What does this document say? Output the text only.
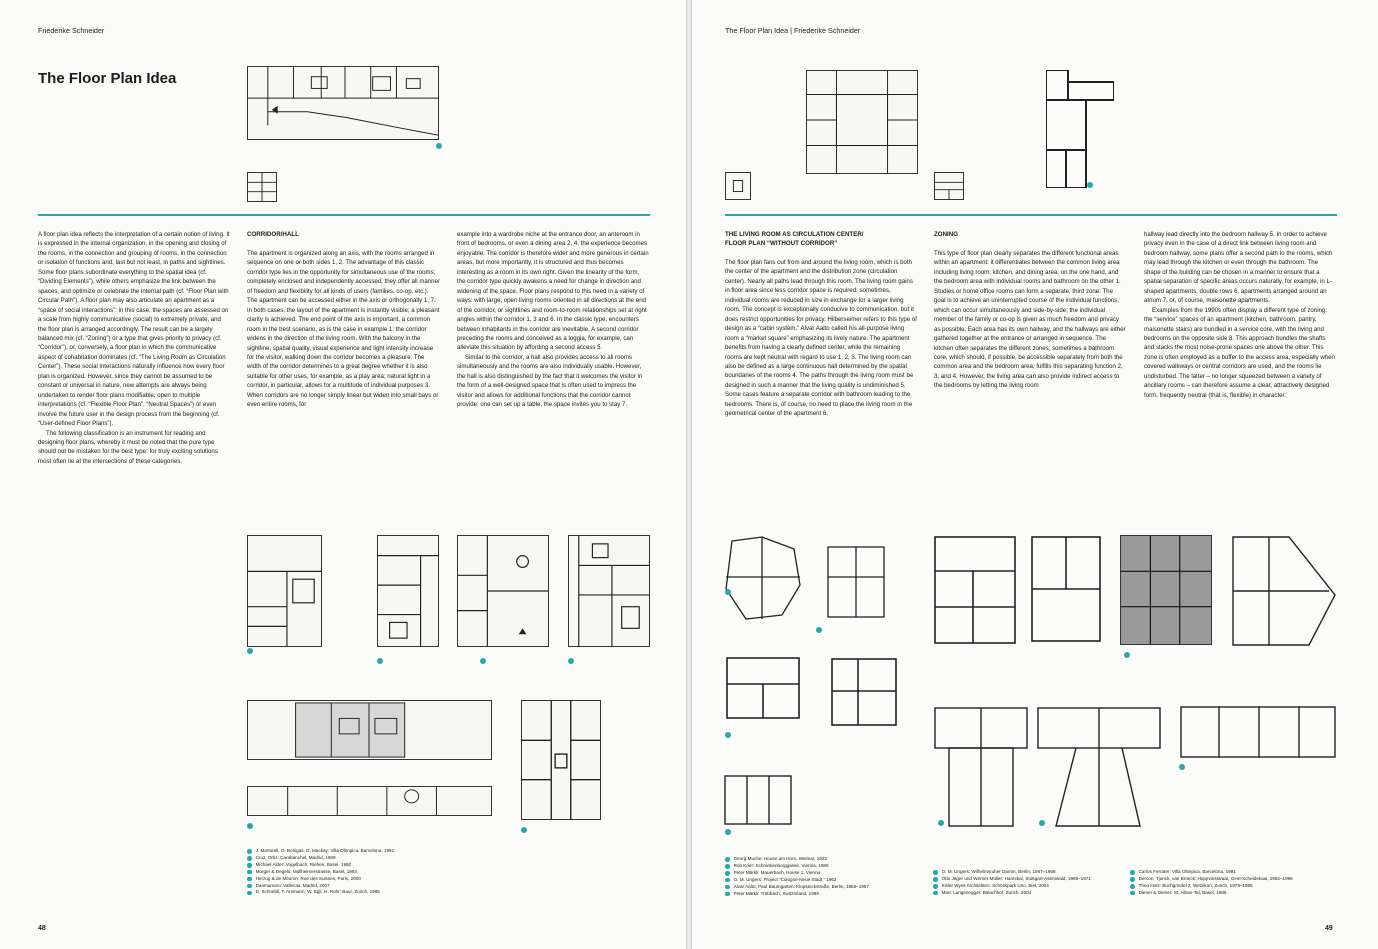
Friederike Schneider
The Floor Plan Idea

A floor plan idea reflects the interpretation of a certain notion of living. It is expressed in the internal organization, in the opening and closing of the rooms, in the connection and grouping of rooms, in the connection or isolation of functions and, last but not least, in paths and sightlines. Some floor plans subordinate everything to the spatial idea (cf. “Dividing Elements”), while others emphasize the link between the spaces, and optimize or celebrate the internal path (cf. “Floor Plan with Circular Path”). A floor plan may also articulate an apartment as a “space of social interactions”: in this case, the spaces are assessed on a scale from highly communicative (social) to extremely private, and the floor plan is arranged accordingly. The result can be a largely balanced mix (cf. “Zoning”) or a type that gives priority to privacy (cf. “Corridor”), or, conversely, a floor plan in which the communicative aspect of cohabitation dominates (cf. “The Living Room as Circulation Center”). These social interactions naturally influence how every floor plan is organized. However, since they cannot be assumed to be constant or universal in nature, new attempts are always being undertaken to render floor plans modifiable, open to multiple interpretations (cf. “Flexible Floor Plan”, “Neutral Spaces”) or even involve the future user in the design process from the beginning (cf. “User-defined Floor Plans”).

The following classification is an instrument for reading and designing floor plans, whereby it must be noted that the pure type should not be mistaken for the best type: for truly exciting solutions most often lie at the intersections of these categories.

CORRIDOR/HALL

The apartment is organized along an axis, with the rooms arranged in sequence on one or both sides 1, 2. The advantage of this classic corridor type lies in the opportunity for simultaneous use of the rooms; completely enclosed and independently accessed, they offer all manner of freedom and flexibility for all kinds of users (families, co-op, etc.). The apartment can be accessed either in the axis or orthogonally 1, 7. In both cases, the layout of the apartment is instantly visible; a pleasant clarity is achieved. The end point of the axis is important, a common room in the best scenario, as is the case in example 1: the corridor widens in the direction of the living room. With the balcony in the sightline, spatial quality, visual experience and light intensity increase for the visitor, walking down the corridor becomes a pleasure. The width of the corridor determines to a great degree whether it is also suitable for other uses, for example, as a play area; natural light in a corridor, in particular, allows for a multitude of individual purposes 3. When corridors are no longer simply linear but widen into small bays or even entire rooms, for

example into a wardrobe niche at the entrance door, an anteroom in front of bedrooms, or even a dining area 2, 4, the experience becomes enjoyable. The corridor is therefore wider and more generous in certain areas, but more importantly, it is structured and thus becomes interesting as a room in its own right. Given the linearity of the form, the corridor type quickly awakens a need for change in direction and widening of the space. Floor plans respond to this need in a variety of ways: with large, open living rooms oriented in all directions at the end of the corridor, or sightlines and room-to-room relationships set at right angles within the corridor 1, 3 and 6. In the classic type, encounters between inhabitants in the corridor are inevitable. A second corridor preceding the rooms and conceived as a loggia, for example, can alleviate this situation by affording a second access 5.

Similar to the corridor, a hall also provides access to all rooms simultaneously and the rooms are also individually usable. However, the hall is also distinguished by the fact that it welcomes the visitor in the form of a well-designed space that is often used to impress the visitor and allows for additional functions that the corridor cannot provide: one can set up a table, the space invites you to stay 7.

J. Martorell, O. Bohigas, D. Mackay: Villa Olimpica, Barcelona, 1991
Cruz, Ortiz: Carabanchel, Madrid, 1989
Michael Alder: Vogelbach, Riehen, Basel, 1992
Morger & Degelo: Müllheimerstrasse, Basel, 1993
Herzog & de Meuron: Rue des Suisses, Paris, 2000
Daomanuno: Vallecas, Madrid, 2007
D. Schnebli, T. Ammann, W. Egli, H. Rohr: Baur, Zurich, 1985
48
The Floor Plan Idea | Friederike Schneider
THE LIVING ROOM AS CIRCULATION CENTER/
FLOOR PLAN “WITHOUT CORRIDOR”

The floor plan fans out from and around the living room, which is both the center of the apartment and the distribution zone (circulation center). Nearly all paths lead through this room. The living room gains in floor area since less corridor space is required; sometimes, individual rooms are reduced in size in exchange for a larger living room. The concept is exceptionally conducive to communication, but it does restrict opportunities for privacy. Hilberseimer refers to this type of design as a “cabin system,” Alvar Aalto called his all-purpose living room a “market square” emphasizing its lively nature. The apartment benefits from having a clearly defined center, while the remaining rooms are kept neutral with regard to use 1, 2, 3. The living room can also be defined as a large continuous hall determined by the spatial boundaries of the rooms 4. The paths through the living room must be designed in such a manner that the living quality is undiminished 5. Some cases feature a separate corridor with bathroom leading to the bedrooms. There is, of course, no need to place the living room in the geometrical center of the apartment 6.

ZONING

This type of floor plan clearly separates the different functional areas within an apartment: it differentiates between the common living area including living room, kitchen, and dining area, on the one hand, and the bedroom area with individual rooms and bathroom on the other 1. Studies or home office rooms can form a separate, third zone. The goal is to achieve an uninterrupted course of the individual functions, which can occur simultaneously and side-by-side; the individual member of the family or co-op is given as much freedom and privacy as possible. Each area has its own hallway, and the hallways are either gathered together at the entrance or arranged in sequence. The kitchen often separates the different zones; sometimes a bathroom core, which should, if possible, be accessible separately from both the common area and the bedroom area, fulfills this separating function 2, 3, and 4. However, the living area can also provide indirect access to the bedrooms by letting the living room

hallway lead directly into the bedroom hallway 5. In order to achieve privacy even in the case of a direct link between living room and bedroom hallway, some plans offer a second path to the rooms, which may lead through the kitchen or even through the bathroom. The shape of the building can be chosen in a manner to ensure that a spatial separation of specific areas occurs naturally, for example, in L-shaped apartments, double rows 6, apartments arranged around an atrium 7, or, of course, maisonette apartments.

Examples from the 1990s often display a different type of zoning: the “service” spaces of an apartment (kitchen, bathroom, pantry, maisonette stairs) are bundled in a service core, with the living and bedrooms on the opposite side 8. This approach bundles the shafts and stacks the most noise-prone spaces one above the other. This zone is often employed as a buffer to the access area, especially when covered walkways or central corridors are used, and the rooms lie undisturbed. The latter – no longer squeezed between a variety of ancillary rooms – can therefore assume a clear, attractively designed form, frequently neutral (that is, flexible) in character.

Georg Muche: House am Horn, Weimar, 1923
Rob Krier: Schrankenberggasse, Vienna, 1986
Peter Märkli: Mauerbach, House 1, Vienna
O. M. Ungers: Project “Cologne-Neue Stadt,” 1962
Alvar Aalto, Paul Baumgarten: Klopstockstraße, Berlin, 1956–1957
Peter Märkli: Trübbach, Switzerland, 1989
O. M. Ungers: Wilhelmsruher Damm, Berlin, 1967–1969
Otto Jäger und Werner Müller: Hannibal, Stuttgart-Asemwald, 1969–1971
Kisler Wyss Architekten: Schösspark Uno, Biel, 2004
Marc Langenegger: Bülachhof, Zurich, 2004
Carlos Ferrater: Villa Olimpica, Barcelona, 1991
Dercon, Tjonck, van Broeck: Hoppvoisstraat, Gent-Scheldekaai, 1992–1996
Theo Hotz: Buchgrindel 2, Wetzikon, Zurich, 1979–1985
Diener & Diener: St. Alban-Tal, Basel, 1986
49
